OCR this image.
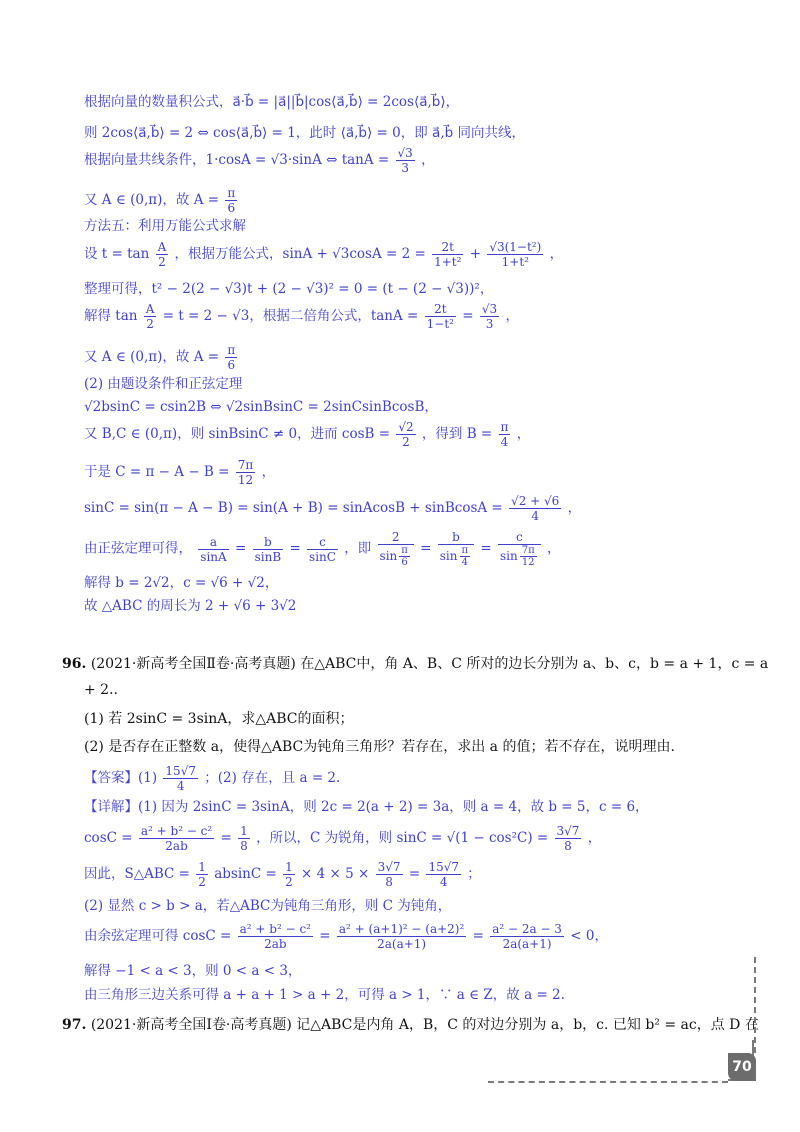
根据向量的数量积公式，a⃗·b⃗ = |a⃗||b⃗|cos⟨a⃗,b⃗⟩ = 2cos⟨a⃗,b⃗⟩，
则 2cos⟨a⃗,b⃗⟩ = 2 ⇔ cos⟨a⃗,b⃗⟩ = 1，此时 ⟨a⃗,b⃗⟩ = 0，即 a⃗,b⃗ 同向共线，
根据向量共线条件，1·cosA = √3·sinA ⇔ $\tan A = \frac{√3}{3}$ ，
又 A ∈ (0,π)，故 $A = \frac{\pi}{6}$
方法五：利用万能公式求解
设 $t = \tan \frac{A}{2}$ ，根据万能公式，$\sin A + √3\cos A = 2 = \frac{2t}{\text{1+t²}} + \frac{\text{√3(1−t²)}}{\text{1+t²}}$ ，
整理可得，t² − 2(2 − √3)t + (2 − √3)² = 0 = (t − (2 − √3))²，
解得 $\tan \frac{A}{2} = t = 2 - √3$，根据二倍角公式，$\tan A = \frac{2t}{\text{1−t²}} = \frac{√3}{3}$ ，
又 A ∈ (0,π)，故 $A = \frac{\pi}{6}$
(2) 由题设条件和正弦定理
√2bsinC = csin2B ⇔ √2sinBsinC = 2sinCsinBcosB，
又 B,C ∈ (0,π)，则 sinBsinC ≠ 0，进而 $\cos B = \frac{√2}{2}$ ，得到 $B = \frac{\pi}{4}$ ，
于是 $C = \pi - A - B = \frac{7\pi}{12}$ ，
sinC = sin(π − A − B) = sin(A + B) = sinAcosB + sinBcosA = $\frac{√2 + √6}{4}$ ，
由正弦定理可得， $\frac{a}{\sin A} = \frac{b}{\sin B} = \frac{c}{\sin C}$ ，即 $\frac{2}{\sin \frac{\pi}{6}} = \frac{b}{\sin \frac{\pi}{4}} = \frac{c}{\sin \frac{7\pi}{12}}$ ，
解得 b = 2√2，c = √6 + √2，
故 △ABC 的周长为 2 + √6 + 3√2
96. (2021·新高考全国Ⅱ卷·高考真题) 在△ABC中，角 A、B、C 所对的边长分别为 a、b、c，b = a + 1，c = a
+ 2..
(1) 若 2sinC = 3sinA，求△ABC的面积；
(2) 是否存在正整数 a，使得△ABC为钝角三角形？若存在，求出 a 的值；若不存在，说明理由.
【答案】$(1) \frac{15√7}{4}$ ；(2) 存在，且 a = 2.
【详解】(1) 因为 2sinC = 3sinA，则 2c = 2(a + 2) = 3a，则 a = 4，故 b = 5，c = 6，
$\cos C = \frac{\text{a² + b² − c²}}{2ab} = \frac{1}{8}$ ，所以，C 为锐角，则 $\sin C = √(1 - \cos^2C) = \frac{3√7}{8}$ ，
因此，S△ABC = $\frac{1}{2}$ $absinC = \frac{1}{2} \times 4 \times 5 \times \frac{3√7}{8} = \frac{15√7}{4}$ ；
(2) 显然 c > b > a，若△ABC为钝角三角形，则 C 为钝角，
由余弦定理可得 $\cos C = \frac{\text{a² + b² − c²}}{2ab} = \frac{\text{a² + (a+1)² − (a+2)²}}{2a(a+1)} = \frac{\text{a² − 2a − 3}}{2a(a+1)} < 0$，
解得 −1 < a < 3，则 0 < a < 3，
由三角形三边关系可得 a + a + 1 > a + 2，可得 a > 1，∵ a ∈ Z，故 a = 2.
97. (2021·新高考全国Ⅰ卷·高考真题) 记△ABC是内角 A，B，C 的对边分别为 a，b，c. 已知 b² = ac，点 D 在
70
